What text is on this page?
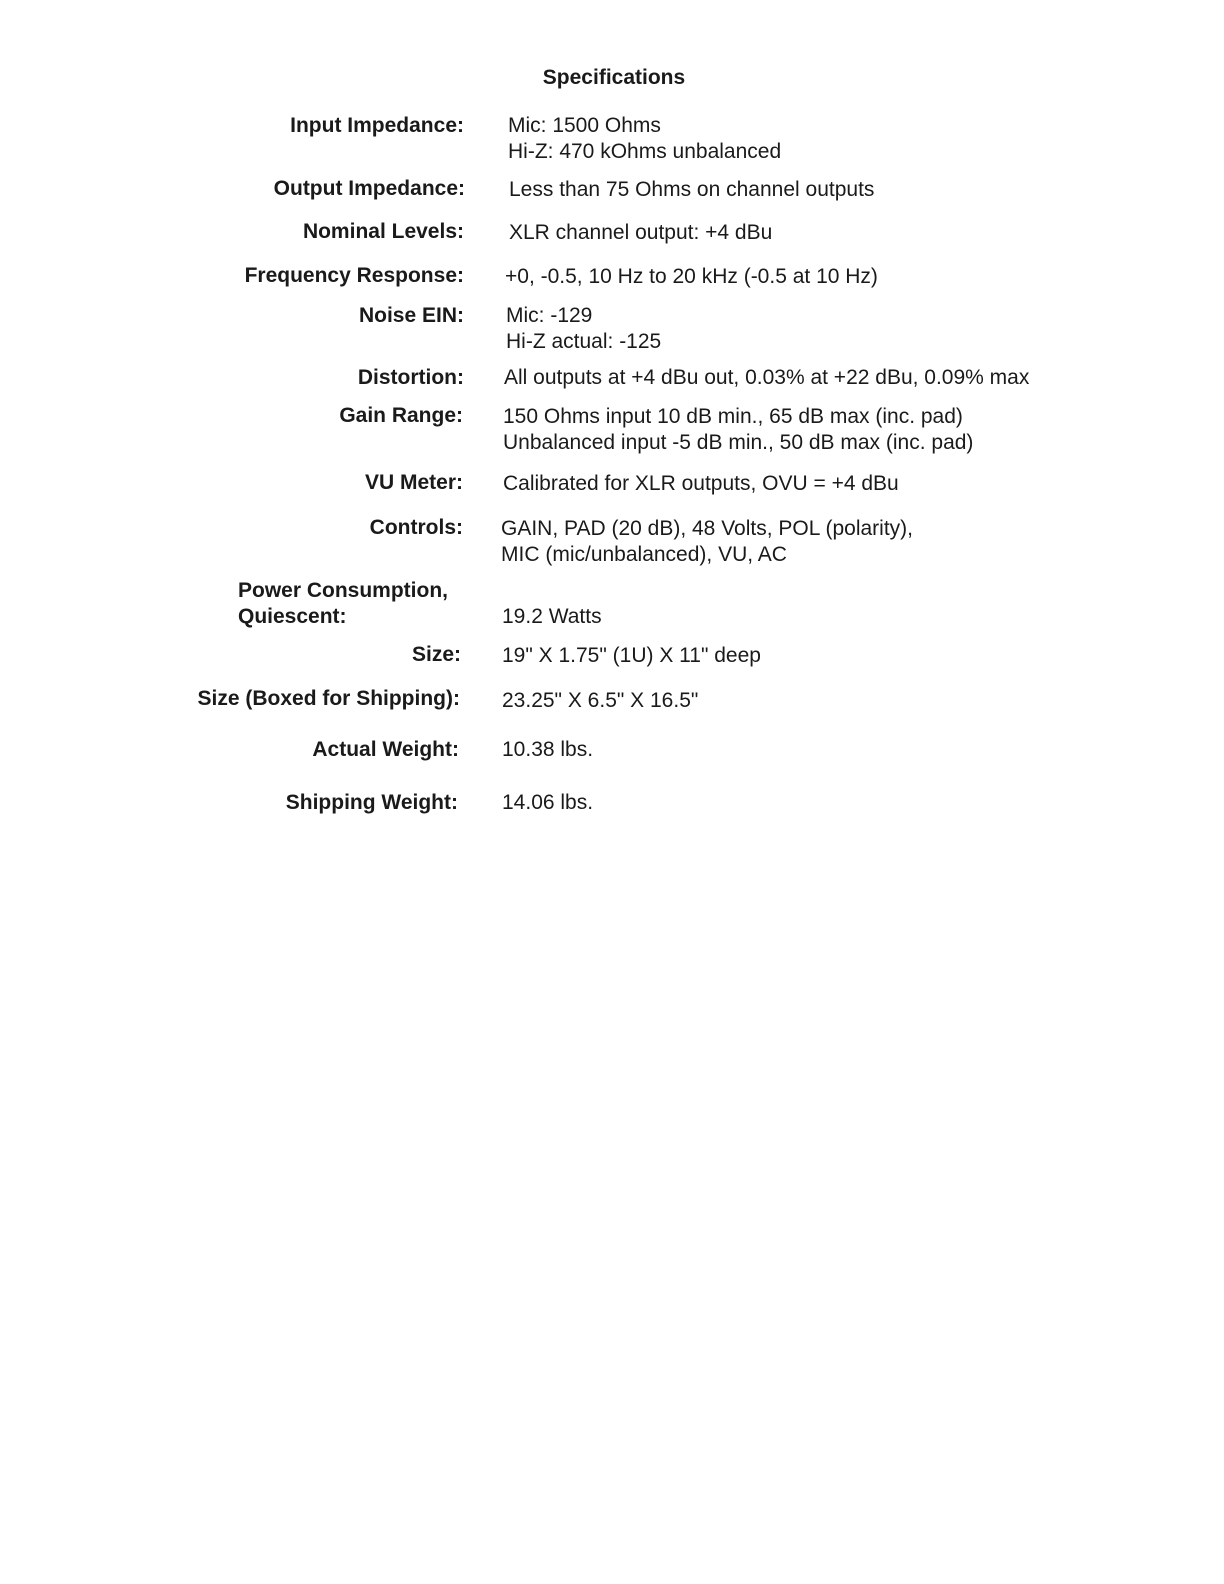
Specifications
Input Impedance: Mic: 1500 Ohms
Hi-Z: 470 kOhms unbalanced
Output Impedance: Less than 75 Ohms on channel outputs
Nominal Levels: XLR channel output: +4 dBu
Frequency Response: +0, -0.5, 10 Hz to 20 kHz (-0.5 at 10 Hz)
Noise EIN: Mic: -129
Hi-Z actual: -125
Distortion: All outputs at +4 dBu out, 0.03% at +22 dBu, 0.09% max
Gain Range: 150 Ohms input 10 dB min., 65 dB max (inc. pad)
Unbalanced input -5 dB min., 50 dB max (inc. pad)
VU Meter: Calibrated for XLR outputs, OVU = +4 dBu
Controls: GAIN, PAD (20 dB), 48 Volts, POL (polarity),
MIC (mic/unbalanced), VU, AC
Power Consumption,
Quiescent:	19.2 Watts
Size: 19" X 1.75" (1U) X 11" deep
Size (Boxed for Shipping): 23.25" X 6.5" X 16.5"
Actual Weight: 10.38 lbs.
Shipping Weight: 14.06 lbs.
